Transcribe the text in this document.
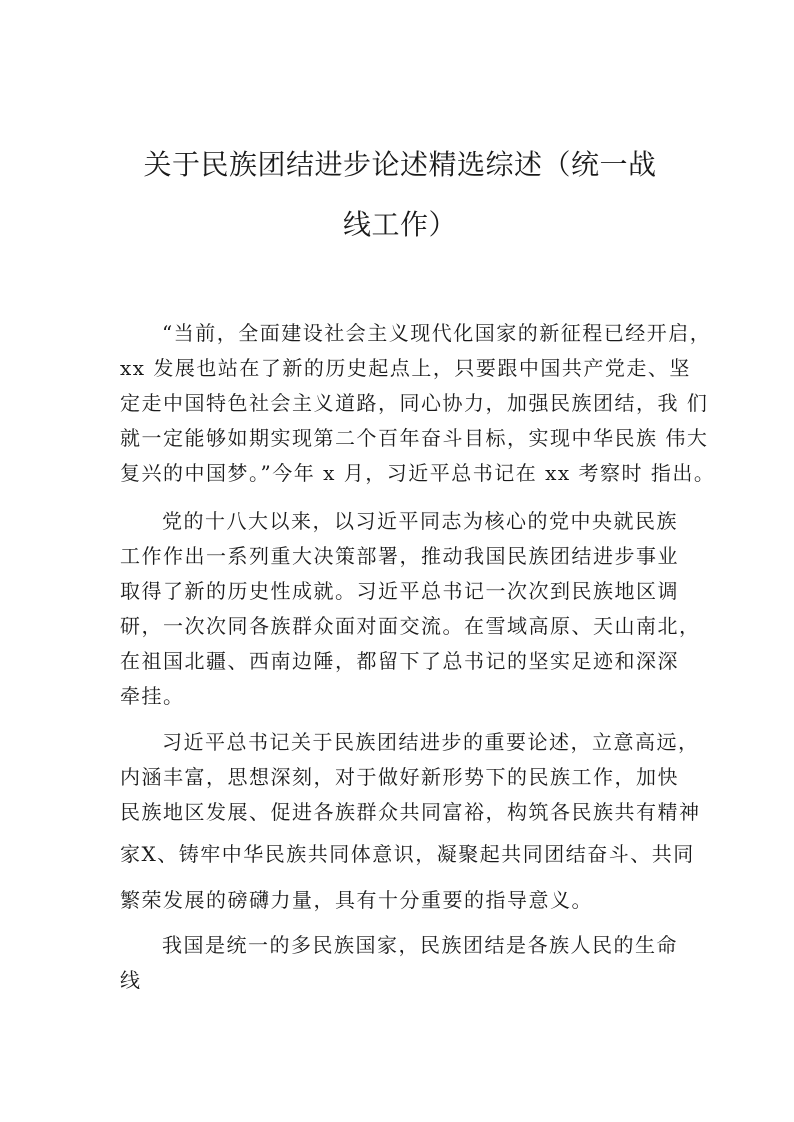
关于民族团结进步论述精选综述（统一战
线工作）
“当前，全面建设社会主义现代化国家的新征程已经开启，
xx 发展也站在了新的历史起点上，只要跟中国共产党走、坚
定走中国特色社会主义道路，同心协力，加强民族团结，我 们
就一定能够如期实现第二个百年奋斗目标，实现中华民族 伟大
复兴的中国梦。”今年 x 月，习近平总书记在 xx 考察时 指出。
党的十八大以来，以习近平同志为核心的党中央就民族
工作作出一系列重大决策部署，推动我国民族团结进步事业
取得了新的历史性成就。习近平总书记一次次到民族地区调
研，一次次同各族群众面对面交流。在雪域高原、天山南北，
在祖国北疆、西南边陲，都留下了总书记的坚实足迹和深深
牵挂。
习近平总书记关于民族团结进步的重要论述，立意高远，
内涵丰富，思想深刻，对于做好新形势下的民族工作，加快
民族地区发展、促进各族群众共同富裕，构筑各民族共有精神
家X、铸牢中华民族共同体意识，凝聚起共同团结奋斗、共同
繁荣发展的磅礴力量，具有十分重要的指导意义。
我国是统一的多民族国家，民族团结是各族人民的生命
线
